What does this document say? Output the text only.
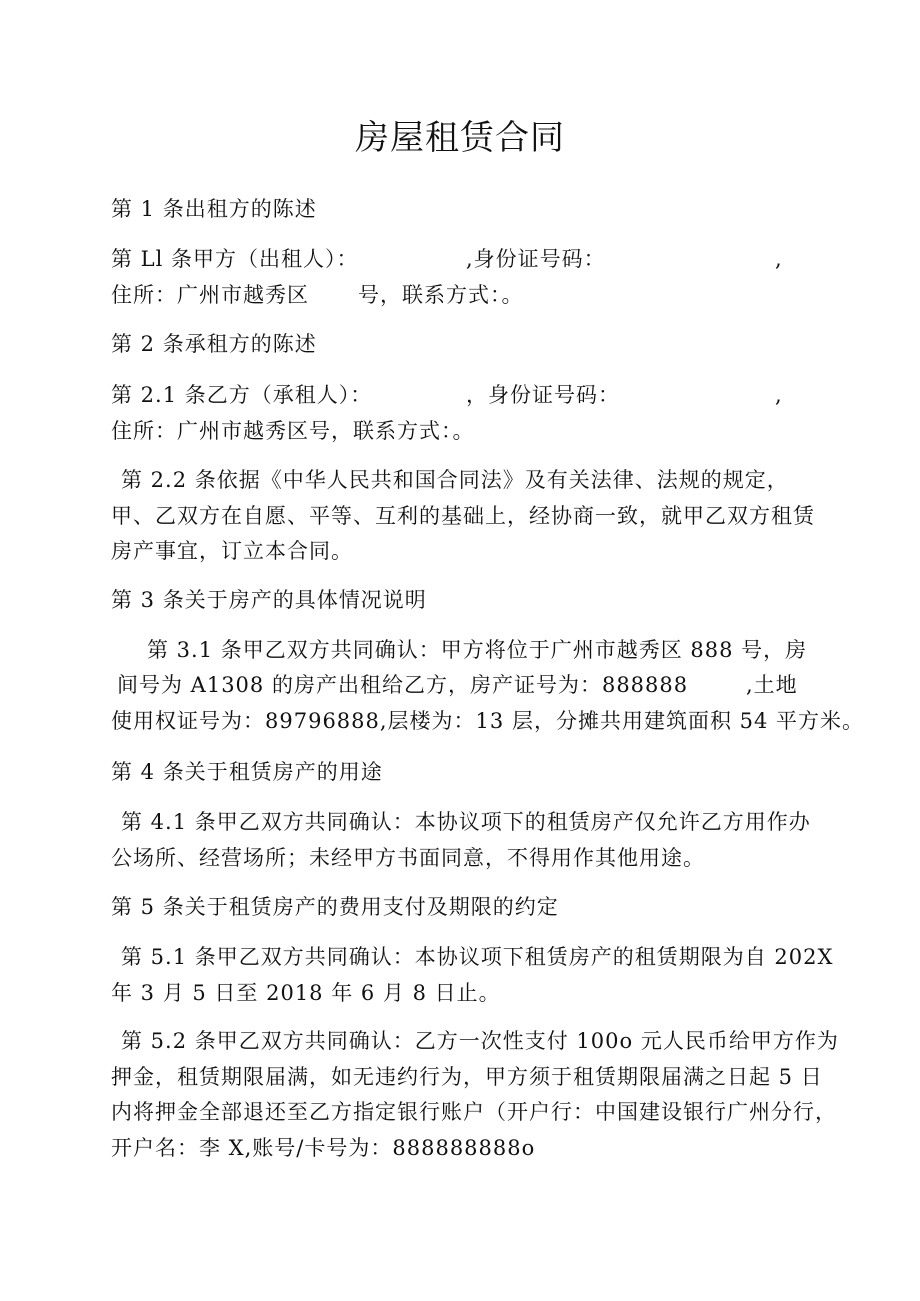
房屋租赁合同
第 1 条出租方的陈述
第 Ll 条甲方（出租人）：	,身份证号码：	,
住所：广州市越秀区 号，联系方式：。
第 2 条承租方的陈述
第 2.1 条乙方（承租人）：	，身份证号码：	,
住所：广州市越秀区号，联系方式：。
第 2.2 条依据《中华人民共和国合同法》及有关法律、法规的规定，
甲、乙双方在自愿、平等、互利的基础上，经协商一致，就甲乙双方租赁
房产事宜，订立本合同。
第 3 条关于房产的具体情况说明
第 3.1 条甲乙双方共同确认：甲方将位于广州市越秀区 888 号，房
间号为 A1308 的房产出租给乙方，房产证号为：888888	,土地
使用权证号为：89796888,层楼为：13 层，分摊共用建筑面积 54 平方米。
第 4 条关于租赁房产的用途
第 4.1 条甲乙双方共同确认：本协议项下的租赁房产仅允许乙方用作办
公场所、经营场所；未经甲方书面同意，不得用作其他用途。
第 5 条关于租赁房产的费用支付及期限的约定
第 5.1 条甲乙双方共同确认：本协议项下租赁房产的租赁期限为自 202X
年 3 月 5 日至 2018 年 6 月 8 日止。
第 5.2 条甲乙双方共同确认：乙方一次性支付 100o 元人民币给甲方作为
押金，租赁期限届满，如无违约行为，甲方须于租赁期限届满之日起 5 日
内将押金全部退还至乙方指定银行账户（开户行：中国建设银行广州分行，
开户名：李 X,账号/卡号为：888888888o
